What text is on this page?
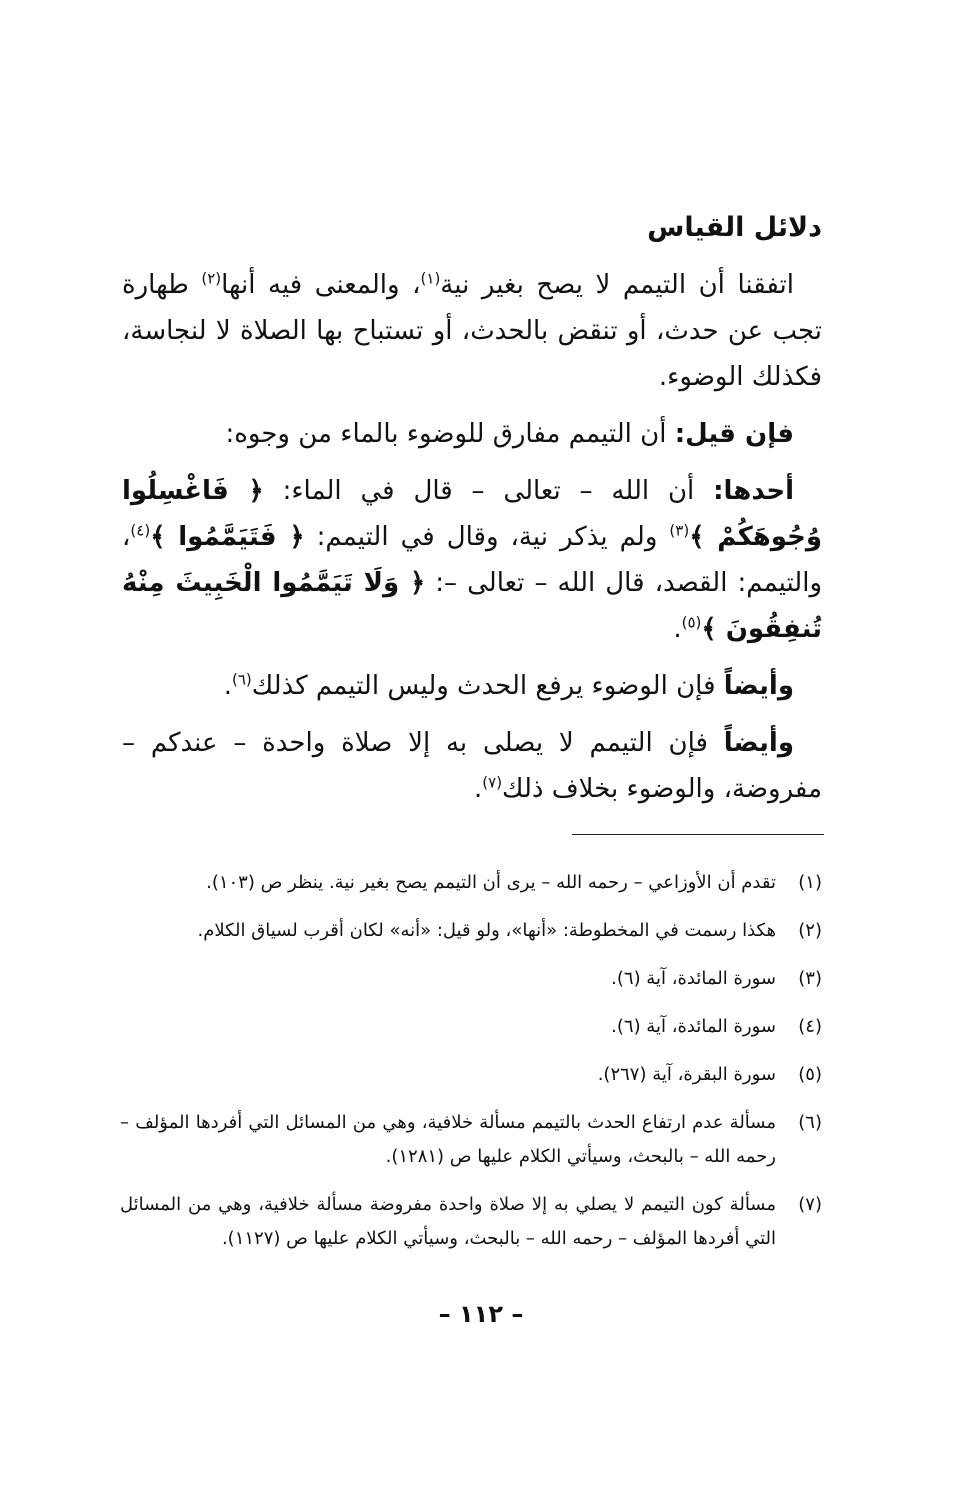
دلائل القياس

اتفقنا أن التيمم لا يصح بغير نية$^{(١)}$، والمعنى فيه أنها$^{(٢)}$ طهارة تجب عن حدث، أو تنقض بالحدث، أو تستباح بها الصلاة لا لنجاسة، فكذلك الوضوء.

فإن قيل: أن التيمم مفارق للوضوء بالماء من وجوه:

أحدها: أن الله – تعالى – قال في الماء: ﴿ فَاغْسِلُوا وُجُوهَكُمْ ﴾$^{(٣)}$ ولم يذكر نية، وقال في التيمم: ﴿ فَتَيَمَّمُوا ﴾$^{(٤)}$، والتيمم: القصد، قال الله – تعالى –: ﴿ وَلَا تَيَمَّمُوا الْخَبِيثَ مِنْهُ تُنفِقُونَ ﴾$^{(٥)}$.

وأيضاً فإن الوضوء يرفع الحدث وليس التيمم كذلك$^{(٦)}$.

وأيضاً فإن التيمم لا يصلى به إلا صلاة واحدة – عندكم – مفروضة، والوضوء بخلاف ذلك$^{(٧)}$.

(١)
تقدم أن الأوزاعي – رحمه الله – يرى أن التيمم يصح بغير نية. ينظر ص (١٠٣).
(٢)
هكذا رسمت في المخطوطة: «أنها»، ولو قيل: «أنه» لكان أقرب لسياق الكلام.
(٣)
سورة المائدة، آية (٦).
(٤)
سورة المائدة، آية (٦).
(٥)
سورة البقرة، آية (٢٦٧).
(٦)
مسألة عدم ارتفاع الحدث بالتيمم مسألة خلافية، وهي من المسائل التي أفردها المؤلف – رحمه الله – بالبحث، وسيأتي الكلام عليها ص (١٢٨١).
(٧)
مسألة كون التيمم لا يصلي به إلا صلاة واحدة مفروضة مسألة خلافية، وهي من المسائل التي أفردها المؤلف – رحمه الله – بالبحث، وسيأتي الكلام عليها ص (١١٢٧).
– ١١٢ –
